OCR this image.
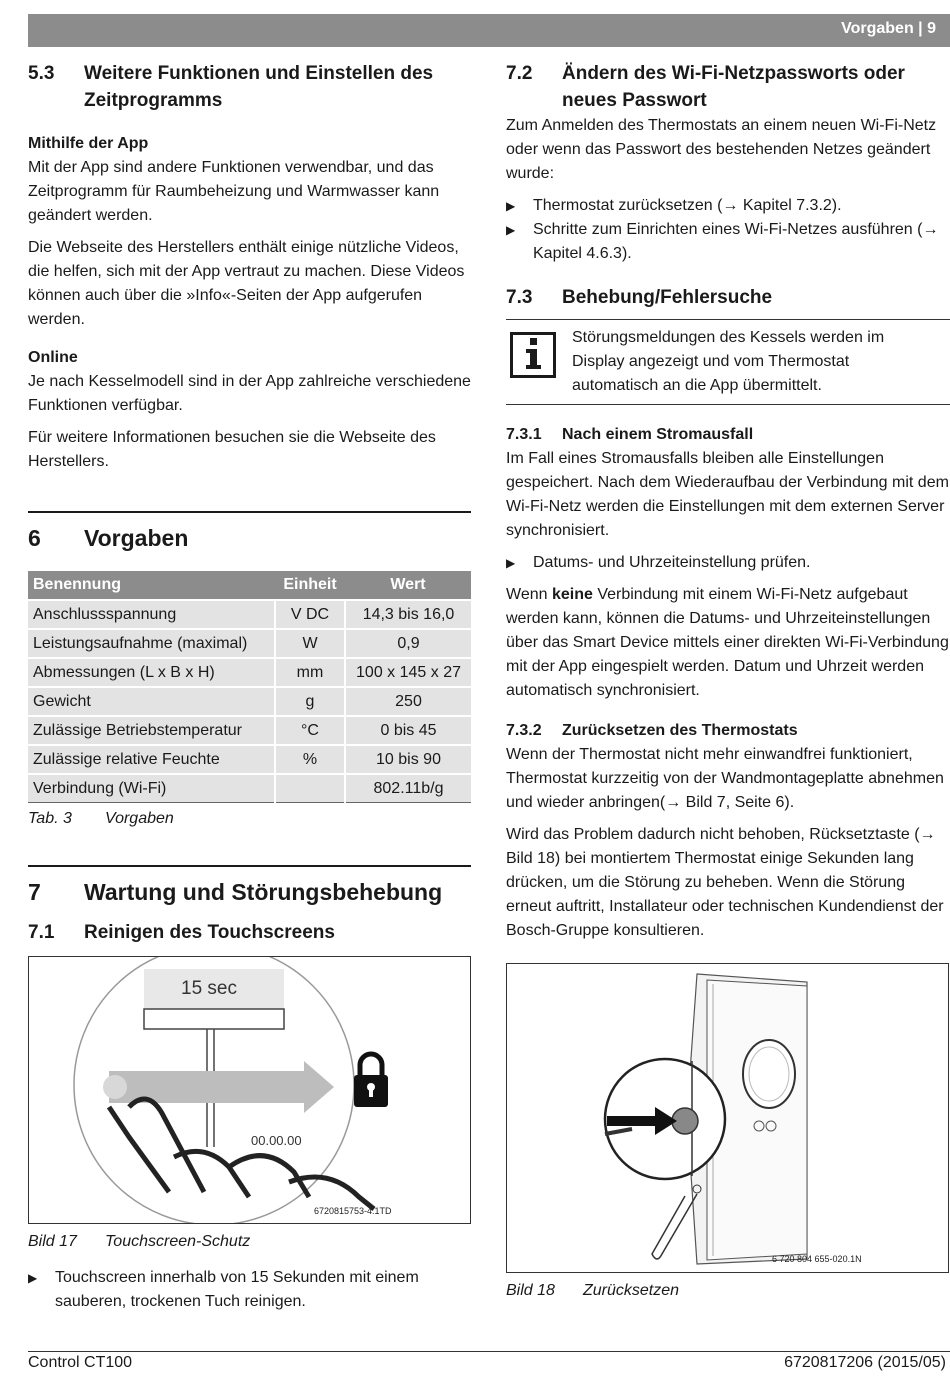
Vorgaben | 9
5.3	Weitere Funktionen und Einstellen des Zeitprogramms
Mithilfe der App

Mit der App sind andere Funktionen verwendbar, und das Zeitprogramm für Raumbeheizung und Warmwasser kann geändert werden.

Die Webseite des Herstellers enthält einige nützliche Videos, die helfen, sich mit der App vertraut zu machen. Diese Videos können auch über die »Info«-Seiten der App aufgerufen werden.

Online

Je nach Kesselmodell sind in der App zahlreiche verschiedene Funktionen verfügbar.

Für weitere Informationen besuchen sie die Webseite des Herstellers.

6	Vorgaben
Benennung	Einheit	Wert
Anschlussspannung	V DC	14,3 bis 16,0
Leistungsaufnahme (maximal)	W	0,9
Abmessungen (L x B x H)	mm	100 x 145 x 27
Gewicht	g	250
Zulässige Betriebstemperatur	°C	0 bis 45
Zulässige relative Feuchte	%	10 bis 90
Verbindung (Wi-Fi)		802.11b/g
Tab. 3	Vorgaben
7	Wartung und Störungsbehebung
7.1	Reinigen des Touchscreens
15 sec
00.00.00
6720815753-4.1TD
Bild 17	Touchscreen-Schutz
▶	Touchscreen innerhalb von 15 Sekunden mit einem sauberen, trockenen Tuch reinigen.
7.2	Ändern des Wi-Fi-Netzpassworts oder neues Passwort

Zum Anmelden des Thermostats an einem neuen Wi-Fi-Netz oder wenn das Passwort des bestehenden Netzes geändert wurde:

▶	Thermostat zurücksetzen (→ Kapitel 7.3.2).
▶	Schritte zum Einrichten eines Wi-Fi-Netzes ausführen (→ Kapitel 4.6.3).
7.3	Behebung/Fehlersuche

Störungsmeldungen des Kessels werden im Display angezeigt und vom Thermostat automatisch an die App übermittelt.

7.3.1	Nach einem Stromausfall

Im Fall eines Stromausfalls bleiben alle Einstellungen gespeichert. Nach dem Wiederaufbau der Verbindung mit dem Wi-Fi-Netz werden die Einstellungen mit dem externen Server synchronisiert.

▶	Datums- und Uhrzeiteinstellung prüfen.

Wenn keine Verbindung mit einem Wi-Fi-Netz aufgebaut werden kann, können die Datums- und Uhrzeiteinstellungen über das Smart Device mittels einer direkten Wi-Fi-Verbindung mit der App eingespielt werden. Datum und Uhrzeit werden automatisch synchronisiert.

7.3.2	Zurücksetzen des Thermostats

Wenn der Thermostat nicht mehr einwandfrei funktioniert, Thermostat kurzzeitig von der Wandmontageplatte abnehmen und wieder anbringen(→ Bild 7, Seite 6).

Wird das Problem dadurch nicht behoben, Rücksetztaste (→ Bild 18) bei montiertem Thermostat einige Sekunden lang drücken, um die Störung zu beheben. Wenn die Störung erneut auftritt, Installateur oder technischen Kundendienst der Bosch-Gruppe konsultieren.

6 720 804 655-020.1N
Bild 18	Zurücksetzen
Control CT100	6720817206 (2015/05)
